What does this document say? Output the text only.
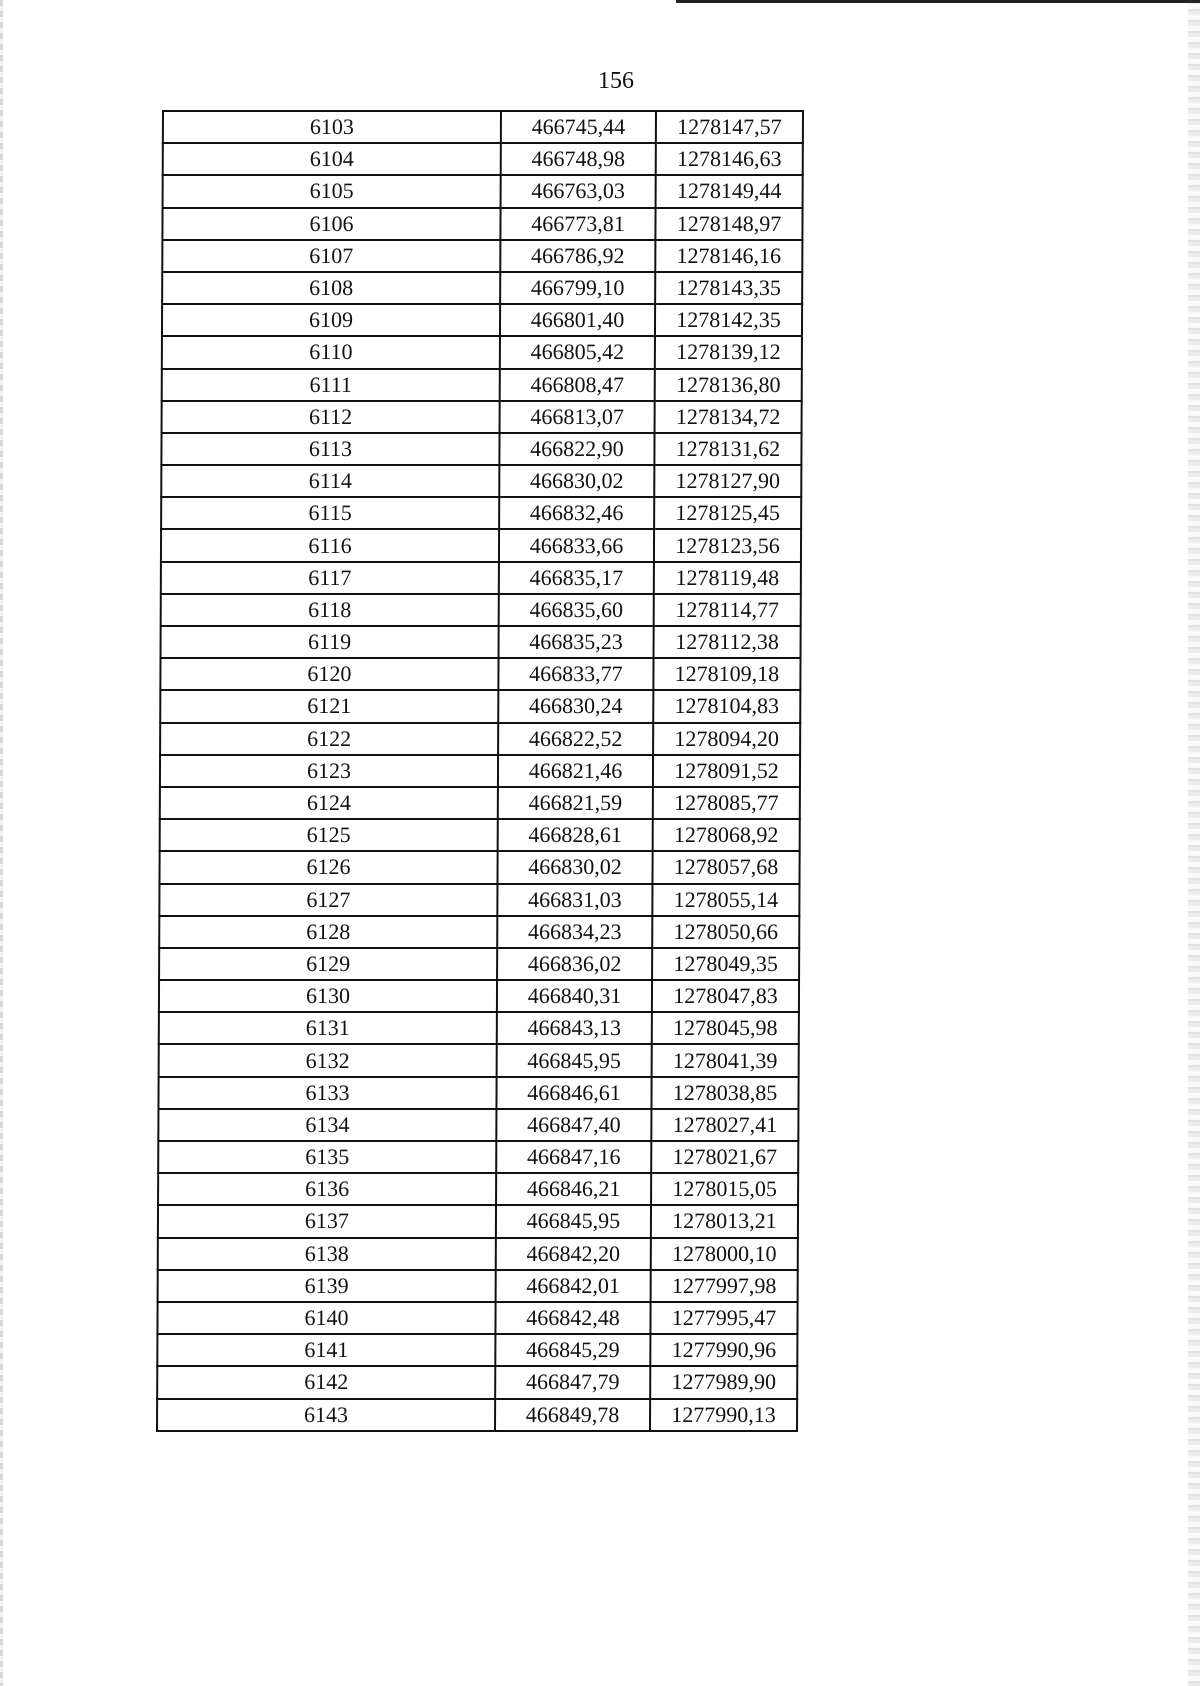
156
6103	466745,44	1278147,57
6104	466748,98	1278146,63
6105	466763,03	1278149,44
6106	466773,81	1278148,97
6107	466786,92	1278146,16
6108	466799,10	1278143,35
6109	466801,40	1278142,35
6110	466805,42	1278139,12
6111	466808,47	1278136,80
6112	466813,07	1278134,72
6113	466822,90	1278131,62
6114	466830,02	1278127,90
6115	466832,46	1278125,45
6116	466833,66	1278123,56
6117	466835,17	1278119,48
6118	466835,60	1278114,77
6119	466835,23	1278112,38
6120	466833,77	1278109,18
6121	466830,24	1278104,83
6122	466822,52	1278094,20
6123	466821,46	1278091,52
6124	466821,59	1278085,77
6125	466828,61	1278068,92
6126	466830,02	1278057,68
6127	466831,03	1278055,14
6128	466834,23	1278050,66
6129	466836,02	1278049,35
6130	466840,31	1278047,83
6131	466843,13	1278045,98
6132	466845,95	1278041,39
6133	466846,61	1278038,85
6134	466847,40	1278027,41
6135	466847,16	1278021,67
6136	466846,21	1278015,05
6137	466845,95	1278013,21
6138	466842,20	1278000,10
6139	466842,01	1277997,98
6140	466842,48	1277995,47
6141	466845,29	1277990,96
6142	466847,79	1277989,90
6143	466849,78	1277990,13
